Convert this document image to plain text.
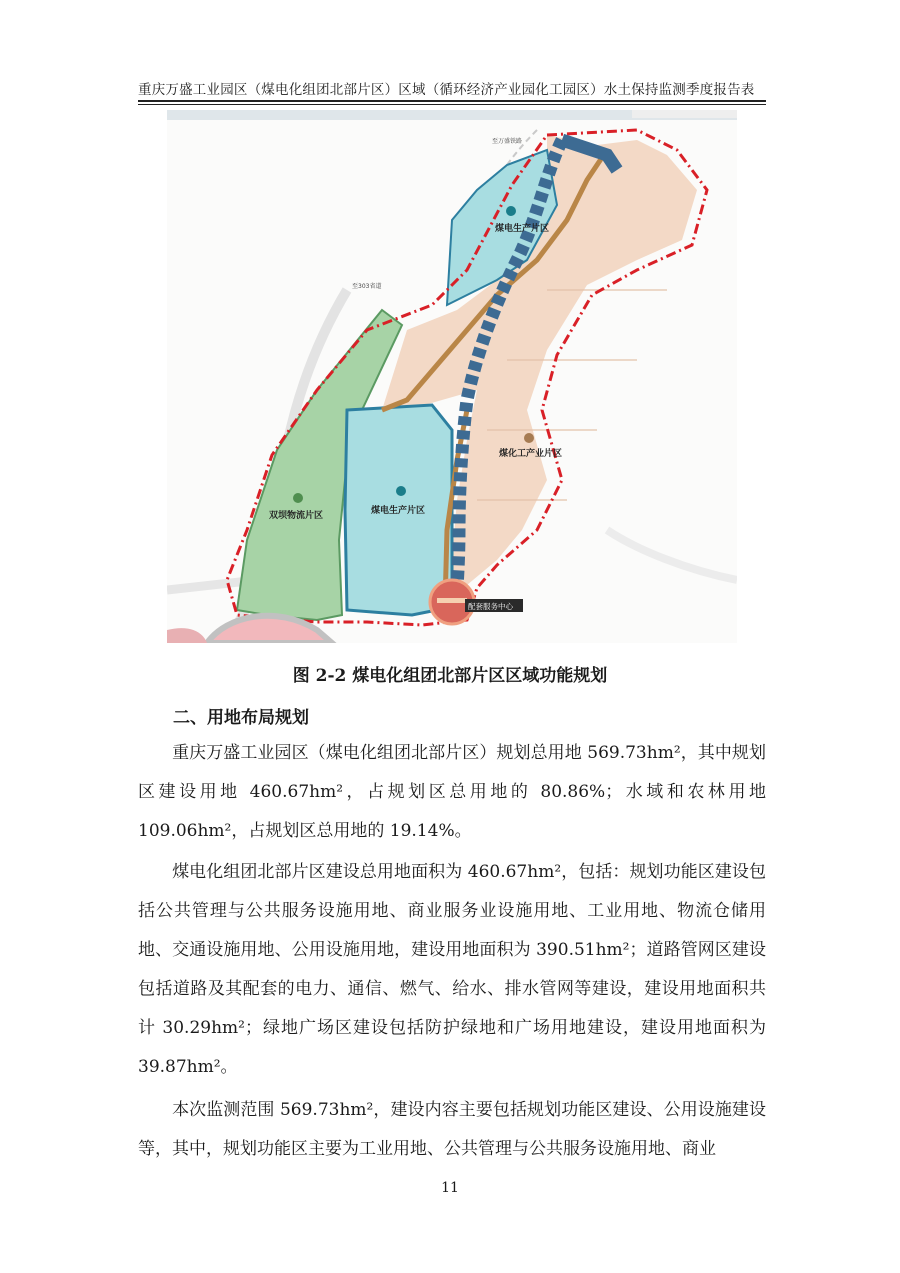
重庆万盛工业园区（煤电化组团北部片区）区域（循环经济产业园化工园区）水土保持监测季度报告表
至万盛铁路
至303省道
煤电生产片区
煤化工产业片区
双坝物流片区	煤电生产片区
配套服务中心
图 2-2 煤电化组团北部片区区域功能规划
二、用地布局规划
重庆万盛工业园区（煤电化组团北部片区）规划总用地 569.73hm²，其中规划区建设用地 460.67hm²，占规划区总用地的 80.86%；水域和农林用地 109.06hm²，占规划区总用地的 19.14%。
煤电化组团北部片区建设总用地面积为 460.67hm²，包括：规划功能区建设包括公共管理与公共服务设施用地、商业服务业设施用地、工业用地、物流仓储用地、交通设施用地、公用设施用地，建设用地面积为 390.51hm²；道路管网区建设包括道路及其配套的电力、通信、燃气、给水、排水管网等建设，建设用地面积共计 30.29hm²；绿地广场区建设包括防护绿地和广场用地建设，建设用地面积为 39.87hm²。
本次监测范围 569.73hm²，建设内容主要包括规划功能区建设、公用设施建设等，其中，规划功能区主要为工业用地、公共管理与公共服务设施用地、商业
11
